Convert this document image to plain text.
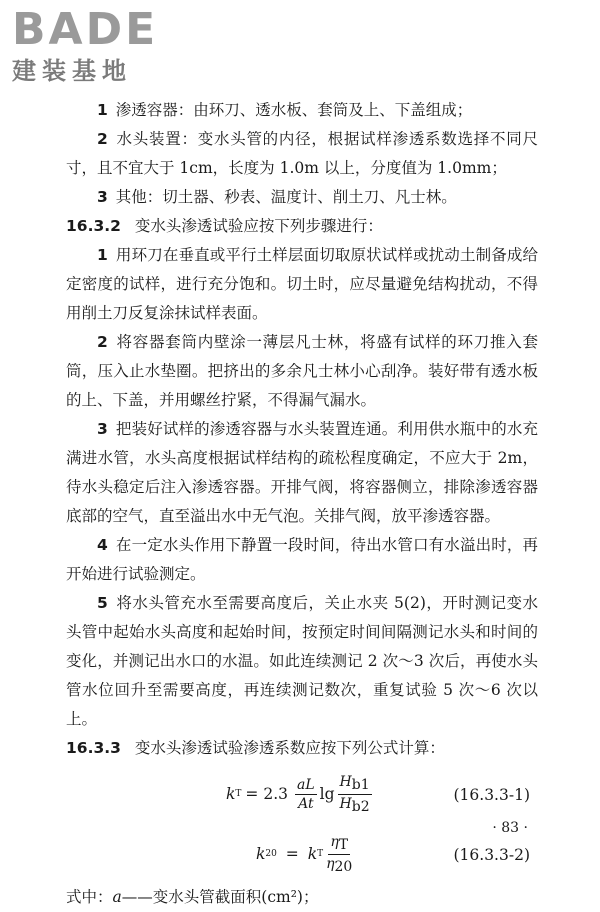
BADE
建装基地

1 渗透容器：由环刀、透水板、套筒及上、下盖组成；

2 水头装置：变水头管的内径，根据试样渗透系数选择不同尺寸，且不宜大于 1cm，长度为 1.0m 以上，分度值为 1.0mm；

3 其他：切土器、秒表、温度计、削土刀、凡士林。

16.3.2 变水头渗透试验应按下列步骤进行：

1 用环刀在垂直或平行土样层面切取原状试样或扰动土制备成给定密度的试样，进行充分饱和。切土时，应尽量避免结构扰动，不得用削土刀反复涂抹试样表面。

2 将容器套筒内壁涂一薄层凡士林，将盛有试样的环刀推入套筒，压入止水垫圈。把挤出的多余凡士林小心刮净。装好带有透水板的上、下盖，并用螺丝拧紧，不得漏气漏水。

3 把装好试样的渗透容器与水头装置连通。利用供水瓶中的水充满进水管，水头高度根据试样结构的疏松程度确定，不应大于 2m，待水头稳定后注入渗透容器。开排气阀，将容器侧立，排除渗透容器底部的空气，直至溢出水中无气泡。关排气阀，放平渗透容器。

4 在一定水头作用下静置一段时间，待出水管口有水溢出时，再开始进行试验测定。

5 将水头管充水至需要高度后，关止水夹 5(2)，开时测记变水头管中起始水头高度和起始时间，按预定时间间隔测记水头和时间的变化，并测记出水口的水温。如此连续测记 2 次～3 次后，再使水头管水位回升至需要高度，再连续测记数次，重复试验 5 次～6 次以上。

16.3.3 变水头渗透试验渗透系数应按下列公式计算：

k $T = 2.3 \frac{aL}{At}$ $\lg \frac{Hb1}{Hb2}$	(16.3.3-1)
k 20 = k T $\frac{\eta T}{\eta 20}$	(16.3.3-2)

式中：a——变水头管截面积(cm²)；

· 83 ·
